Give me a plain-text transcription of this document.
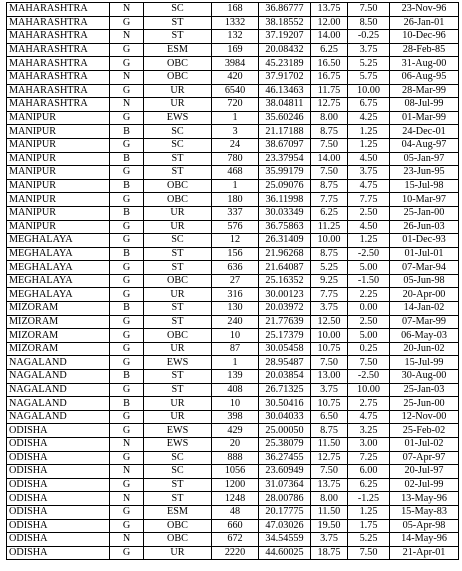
MAHARASHTRA	N	SC	168	36.86777	13.75	7.50	23-Nov-96
MAHARASHTRA	G	ST	1332	38.18552	12.00	8.50	26-Jan-01
MAHARASHTRA	N	ST	132	37.19207	14.00	-0.25	10-Dec-96
MAHARASHTRA	G	ESM	169	20.08432	6.25	3.75	28-Feb-85
MAHARASHTRA	G	OBC	3984	45.23189	16.50	5.25	31-Aug-00
MAHARASHTRA	N	OBC	420	37.91702	16.75	5.75	06-Aug-95
MAHARASHTRA	G	UR	6540	46.13463	11.75	10.00	28-Mar-99
MAHARASHTRA	N	UR	720	38.04811	12.75	6.75	08-Jul-99
MANIPUR	G	EWS	1	35.60246	8.00	4.25	01-Mar-99
MANIPUR	B	SC	3	21.17188	8.75	1.25	24-Dec-01
MANIPUR	G	SC	24	38.67097	7.50	1.25	04-Aug-97
MANIPUR	B	ST	780	23.37954	14.00	4.50	05-Jan-97
MANIPUR	G	ST	468	35.99179	7.50	3.75	23-Jun-95
MANIPUR	B	OBC	1	25.09076	8.75	4.75	15-Jul-98
MANIPUR	G	OBC	180	36.11998	7.75	7.75	10-Mar-97
MANIPUR	B	UR	337	30.03349	6.25	2.50	25-Jan-00
MANIPUR	G	UR	576	36.75863	11.25	4.50	26-Jun-03
MEGHALAYA	G	SC	12	26.31409	10.00	1.25	01-Dec-93
MEGHALAYA	B	ST	156	21.96268	8.75	-2.50	01-Jul-01
MEGHALAYA	G	ST	636	21.64087	5.25	5.00	07-Mar-94
MEGHALAYA	G	OBC	27	25.16352	9.25	-1.50	05-Jun-98
MEGHALAYA	G	UR	316	30.00123	7.75	2.25	20-Apr-00
MIZORAM	B	ST	130	20.03972	3.75	0.00	14-Jan-02
MIZORAM	G	ST	240	21.77639	12.50	2.50	07-Mar-99
MIZORAM	G	OBC	10	25.17379	10.00	5.00	06-May-03
MIZORAM	G	UR	87	30.05458	10.75	0.25	20-Jun-02
NAGALAND	G	EWS	1	28.95487	7.50	7.50	15-Jul-99
NAGALAND	B	ST	139	20.03854	13.00	-2.50	30-Aug-00
NAGALAND	G	ST	408	26.71325	3.75	10.00	25-Jan-03
NAGALAND	B	UR	10	30.50416	10.75	2.75	25-Jun-00
NAGALAND	G	UR	398	30.04033	6.50	4.75	12-Nov-00
ODISHA	G	EWS	429	25.00050	8.75	3.25	25-Feb-02
ODISHA	N	EWS	20	25.38079	11.50	3.00	01-Jul-02
ODISHA	G	SC	888	36.27455	12.75	7.25	07-Apr-97
ODISHA	N	SC	1056	23.60949	7.50	6.00	20-Jul-97
ODISHA	G	ST	1200	31.07364	13.75	6.25	02-Jul-99
ODISHA	N	ST	1248	28.00786	8.00	-1.25	13-May-96
ODISHA	G	ESM	48	20.17775	11.50	1.25	15-May-83
ODISHA	G	OBC	660	47.03026	19.50	1.75	05-Apr-98
ODISHA	N	OBC	672	34.54559	3.75	5.25	14-May-96
ODISHA	G	UR	2220	44.60025	18.75	7.50	21-Apr-01
